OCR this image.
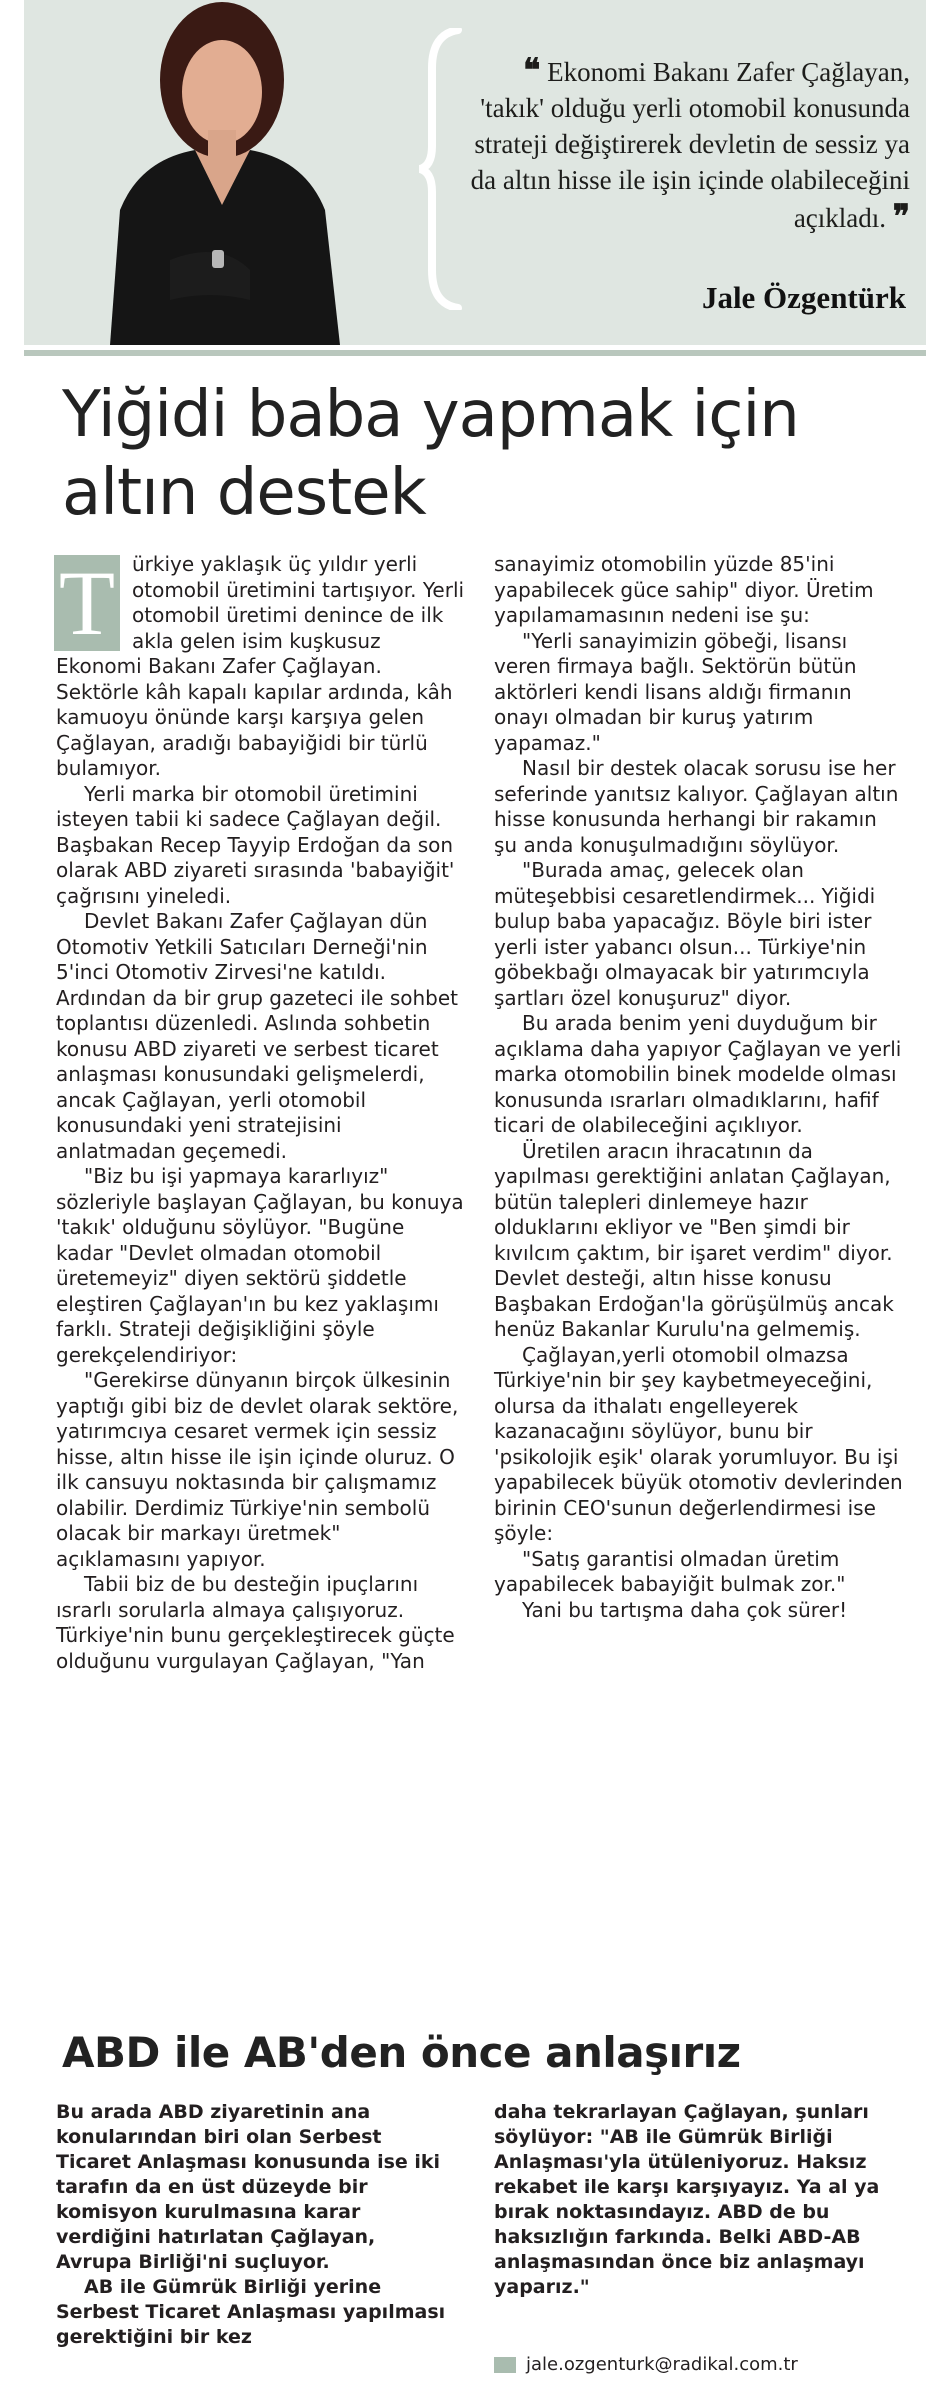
❝ Ekonomi Bakanı Zafer Çağlayan, 'takık' olduğu yerli otomobil konusunda strateji değiştirerek devletin de sessiz ya da altın hisse ile işin içinde olabileceğini açıkladı. ❞
Jale Özgentürk
Yiğidi baba yapmak için altın destek

T ürkiye yaklaşık üç yıldır yerli otomobil üretimini tartışıyor. Yerli otomobil üretimi denince de ilk akla gelen isim kuşkusuz Ekonomi Bakanı Zafer Çağlayan. Sektörle kâh kapalı kapılar ardında, kâh kamuoyu önünde karşı karşıya gelen Çağlayan, aradığı babayiğidi bir türlü bulamıyor.

Yerli marka bir otomobil üretimini isteyen tabii ki sadece Çağlayan değil. Başbakan Recep Tayyip Erdoğan da son olarak ABD ziyareti sırasında 'babayiğit' çağrısını yineledi.

Devlet Bakanı Zafer Çağlayan dün Otomotiv Yetkili Satıcıları Derneği'nin 5'inci Otomotiv Zirvesi'ne katıldı. Ardından da bir grup gazeteci ile sohbet toplantısı düzenledi. Aslında sohbetin konusu ABD ziyareti ve serbest ticaret anlaşması konusundaki gelişmelerdi, ancak Çağlayan, yerli otomobil konusundaki yeni stratejisini anlatmadan geçemedi.

"Biz bu işi yapmaya kararlıyız" sözleriyle başlayan Çağlayan, bu konuya 'takık' olduğunu söylüyor. "Bugüne kadar "Devlet olmadan otomobil üretemeyiz" diyen sektörü şiddetle eleştiren Çağlayan'ın bu kez yaklaşımı farklı. Strateji değişikliğini şöyle gerekçelendiriyor:

"Gerekirse dünyanın birçok ülkesinin yaptığı gibi biz de devlet olarak sektöre, yatırımcıya cesaret vermek için sessiz hisse, altın hisse ile işin içinde oluruz. O ilk cansuyu noktasında bir çalışmamız olabilir. Derdimiz Türkiye'nin sembolü olacak bir markayı üretmek" açıklamasını yapıyor.

Tabii biz de bu desteğin ipuçlarını ısrarlı sorularla almaya çalışıyoruz. Türkiye'nin bunu gerçekleştirecek güçte olduğunu vurgulayan Çağlayan, "Yan

sanayimiz otomobilin yüzde 85'ini yapabilecek güce sahip" diyor. Üretim yapılamamasının nedeni ise şu:

"Yerli sanayimizin göbeği, lisansı veren firmaya bağlı. Sektörün bütün aktörleri kendi lisans aldığı firmanın onayı olmadan bir kuruş yatırım yapamaz."

Nasıl bir destek olacak sorusu ise her seferinde yanıtsız kalıyor. Çağlayan altın hisse konusunda herhangi bir rakamın şu anda konuşulmadığını söylüyor.

"Burada amaç, gelecek olan müteşebbisi cesaretlendirmek... Yiğidi bulup baba yapacağız. Böyle biri ister yerli ister yabancı olsun... Türkiye'nin göbekbağı olmayacak bir yatırımcıyla şartları özel konuşuruz" diyor.

Bu arada benim yeni duyduğum bir açıklama daha yapıyor Çağlayan ve yerli marka otomobilin binek modelde olması konusunda ısrarları olmadıklarını, hafif ticari de olabileceğini açıklıyor.

Üretilen aracın ihracatının da yapılması gerektiğini anlatan Çağlayan, bütün talepleri dinlemeye hazır olduklarını ekliyor ve "Ben şimdi bir kıvılcım çaktım, bir işaret verdim" diyor. Devlet desteği, altın hisse konusu Başbakan Erdoğan'la görüşülmüş ancak henüz Bakanlar Kurulu'na gelmemiş.

Çağlayan,yerli otomobil olmazsa Türkiye'nin bir şey kaybetmeyeceğini, olursa da ithalatı engelleyerek kazanacağını söylüyor, bunu bir 'psikolojik eşik' olarak yorumluyor. Bu işi yapabilecek büyük otomotiv devlerinden birinin CEO'sunun değerlendirmesi ise şöyle:

"Satış garantisi olmadan üretim yapabilecek babayiğit bulmak zor."

Yani bu tartışma daha çok sürer!

ABD ile AB'den önce anlaşırız

Bu arada ABD ziyaretinin ana konularından biri olan Serbest Ticaret Anlaşması konusunda ise iki tarafın da en üst düzeyde bir komisyon kurulmasına karar verdiğini hatırlatan Çağlayan, Avrupa Birliği'ni suçluyor.

AB ile Gümrük Birliği yerine Serbest Ticaret Anlaşması yapılması gerektiğini bir kez

daha tekrarlayan Çağlayan, şunları söylüyor: "AB ile Gümrük Birliği Anlaşması'yla ütüleniyoruz. Haksız rekabet ile karşı karşıyayız. Ya al ya bırak noktasındayız. ABD de bu haksızlığın farkında. Belki ABD-AB anlaşmasından önce biz anlaşmayı yaparız."

jale.ozgenturk@radikal.com.tr
